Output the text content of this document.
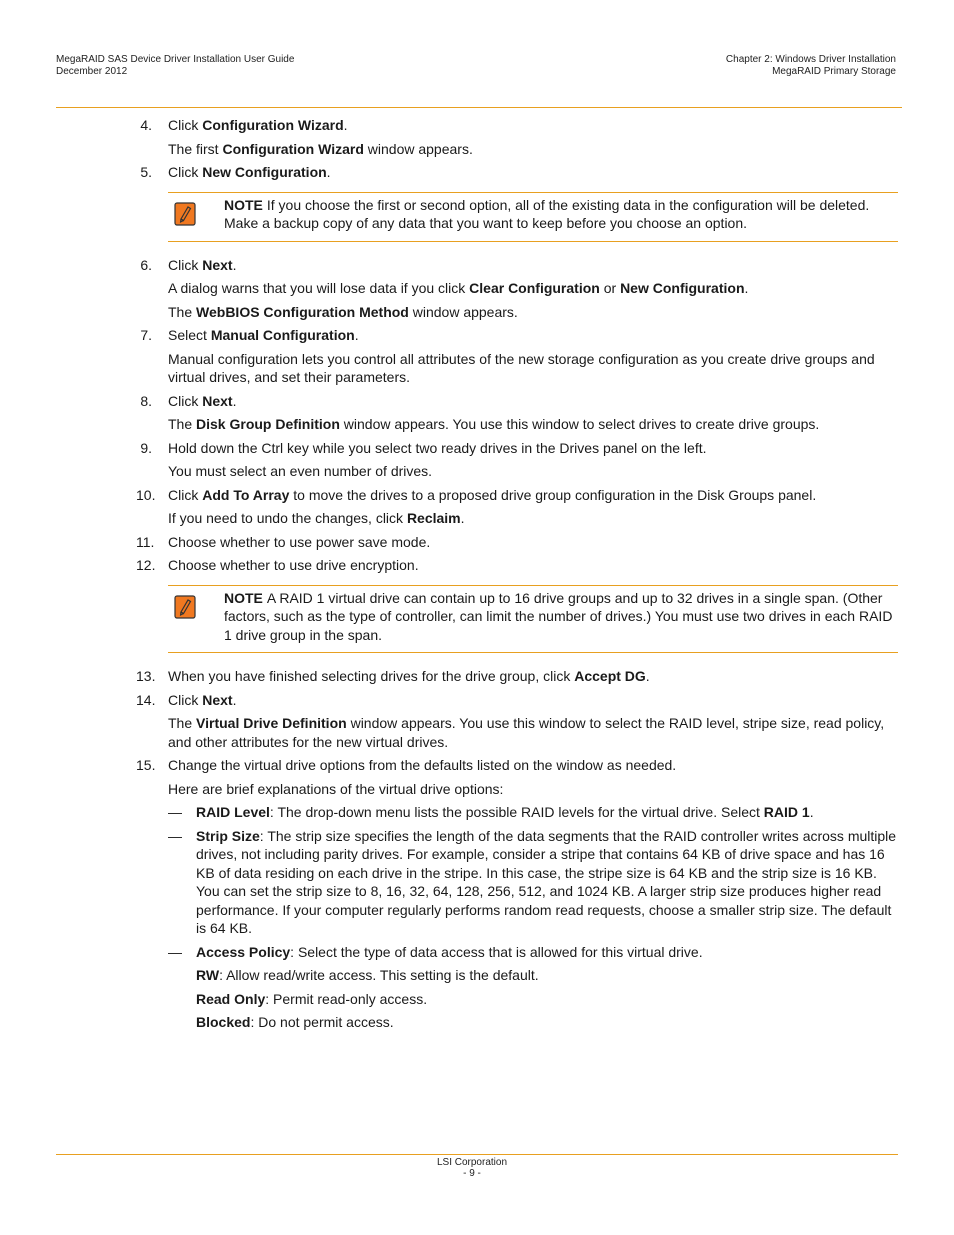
MegaRAID SAS Device Driver Installation User Guide
December 2012
Chapter 2: Windows Driver Installation
MegaRAID Primary Storage
4. Click Configuration Wizard.
The first Configuration Wizard window appears.
5. Click New Configuration.
NOTE If you choose the first or second option, all of the existing data in the configuration will be deleted. Make a backup copy of any data that you want to keep before you choose an option.
6. Click Next.
A dialog warns that you will lose data if you click Clear Configuration or New Configuration.
The WebBIOS Configuration Method window appears.
7. Select Manual Configuration.
Manual configuration lets you control all attributes of the new storage configuration as you create drive groups and virtual drives, and set their parameters.
8. Click Next.
The Disk Group Definition window appears. You use this window to select drives to create drive groups.
9. Hold down the Ctrl key while you select two ready drives in the Drives panel on the left.
You must select an even number of drives.
10. Click Add To Array to move the drives to a proposed drive group configuration in the Disk Groups panel.
If you need to undo the changes, click Reclaim.
11. Choose whether to use power save mode.
12. Choose whether to use drive encryption.
NOTE A RAID 1 virtual drive can contain up to 16 drive groups and up to 32 drives in a single span. (Other factors, such as the type of controller, can limit the number of drives.) You must use two drives in each RAID 1 drive group in the span.
13. When you have finished selecting drives for the drive group, click Accept DG.
14. Click Next.
The Virtual Drive Definition window appears. You use this window to select the RAID level, stripe size, read policy, and other attributes for the new virtual drives.
15. Change the virtual drive options from the defaults listed on the window as needed.
Here are brief explanations of the virtual drive options:
— RAID Level: The drop-down menu lists the possible RAID levels for the virtual drive. Select RAID 1.
— Strip Size: The strip size specifies the length of the data segments that the RAID controller writes across multiple drives, not including parity drives. For example, consider a stripe that contains 64 KB of drive space and has 16 KB of data residing on each drive in the stripe. In this case, the stripe size is 64 KB and the strip size is 16 KB. You can set the strip size to 8, 16, 32, 64, 128, 256, 512, and 1024 KB. A larger strip size produces higher read performance. If your computer regularly performs random read requests, choose a smaller strip size. The default is 64 KB.
— Access Policy: Select the type of data access that is allowed for this virtual drive.
RW: Allow read/write access. This setting is the default.
Read Only: Permit read-only access.
Blocked: Do not permit access.
LSI Corporation
- 9 -
